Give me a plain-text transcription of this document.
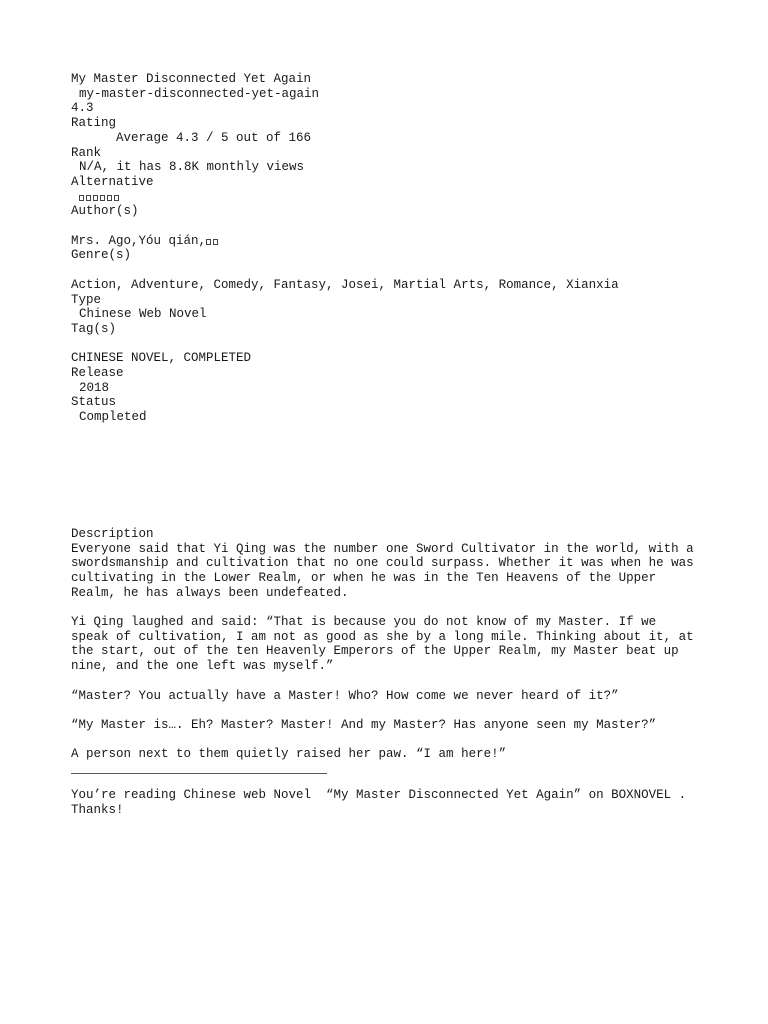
My Master Disconnected Yet Again
my-master-disconnected-yet-again
4.3
Rating
Average 4.3 / 5 out of 166
Rank
N/A, it has 8.8K monthly views
Alternative
Author(s)
Mrs. Ago,Yóu qián,
Genre(s)
Action, Adventure, Comedy, Fantasy, Josei, Martial Arts, Romance, Xianxia
Type
Chinese Web Novel
Tag(s)
CHINESE NOVEL, COMPLETED
Release
2018
Status
Completed
Description
Everyone said that Yi Qing was the number one Sword Cultivator in the world, with a swordsmanship and cultivation that no one could surpass. Whether it was when he was cultivating in the Lower Realm, or when he was in the Ten Heavens of the Upper Realm, he has always been undefeated.
Yi Qing laughed and said: “That is because you do not know of my Master. If we speak of cultivation, I am not as good as she by a long mile. Thinking about it, at the start, out of the ten Heavenly Emperors of the Upper Realm, my Master beat up nine, and the one left was myself.”
“Master? You actually have a Master! Who? How come we never heard of it?”
“My Master is…. Eh? Master? Master! And my Master? Has anyone seen my Master?”
A person next to them quietly raised her paw. “I am here!”
You’re reading Chinese web Novel  “My Master Disconnected Yet Again” on BOXNOVEL .
Thanks!
